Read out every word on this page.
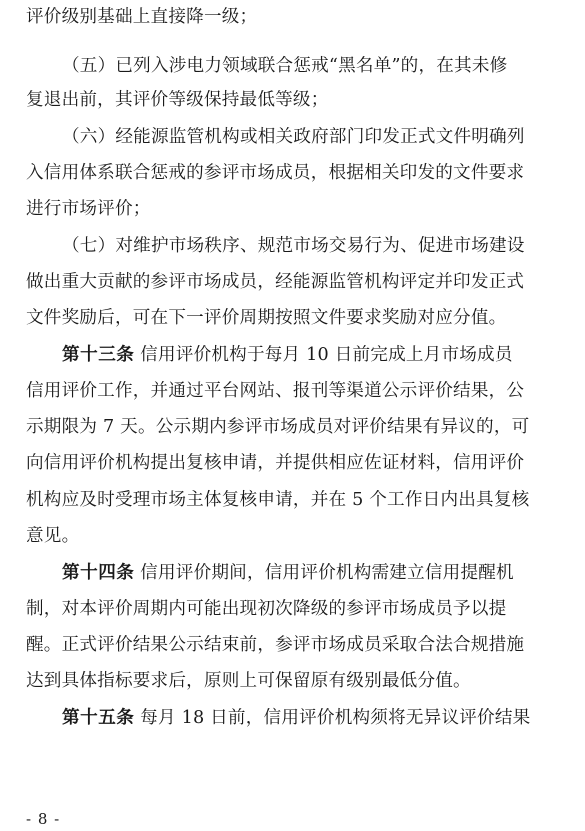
评价级别基础上直接降一级；
（五）已列入涉电力领域联合惩戒“黑名单”的，在其未修
复退出前，其评价等级保持最低等级；
（六）经能源监管机构或相关政府部门印发正式文件明确列
入信用体系联合惩戒的参评市场成员，根据相关印发的文件要求
进行市场评价；
（七）对维护市场秩序、规范市场交易行为、促进市场建设
做出重大贡献的参评市场成员，经能源监管机构评定并印发正式
文件奖励后，可在下一评价周期按照文件要求奖励对应分值。
第十三条 信用评价机构于每月 10 日前完成上月市场成员
信用评价工作，并通过平台网站、报刊等渠道公示评价结果，公
示期限为 7 天。公示期内参评市场成员对评价结果有异议的，可
向信用评价机构提出复核申请，并提供相应佐证材料，信用评价
机构应及时受理市场主体复核申请，并在 5 个工作日内出具复核
意见。
第十四条 信用评价期间，信用评价机构需建立信用提醒机
制，对本评价周期内可能出现初次降级的参评市场成员予以提
醒。正式评价结果公示结束前，参评市场成员采取合法合规措施
达到具体指标要求后，原则上可保留原有级别最低分值。
第十五条 每月 18 日前，信用评价机构须将无异议评价结果
- 8 -
